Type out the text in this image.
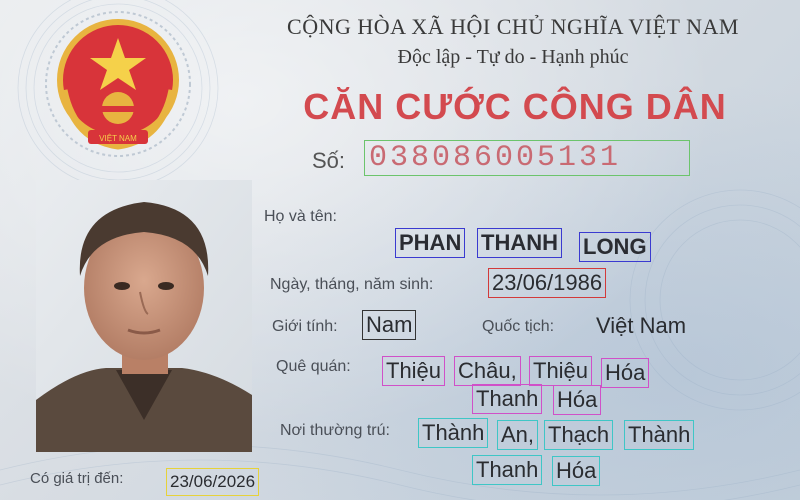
VIỆT NAM
CỘNG HÒA XÃ HỘI CHỦ NGHĨA VIỆT NAM
Độc lập - Tự do - Hạnh phúc
CĂN CƯỚC CÔNG DÂN
Số: 038086005131
Họ và tên:
PHAN THANH LONG
Ngày, tháng, năm sinh:	23/06/1986
Giới tính: Nam	Quốc tịch: Việt Nam
Quê quán: Thiệu Châu, Thiệu Hóa
Thanh Hóa
Nơi thường trú: Thành An, Thạch Thành
Thanh Hóa
Có giá trị đến:	23/06/2026
